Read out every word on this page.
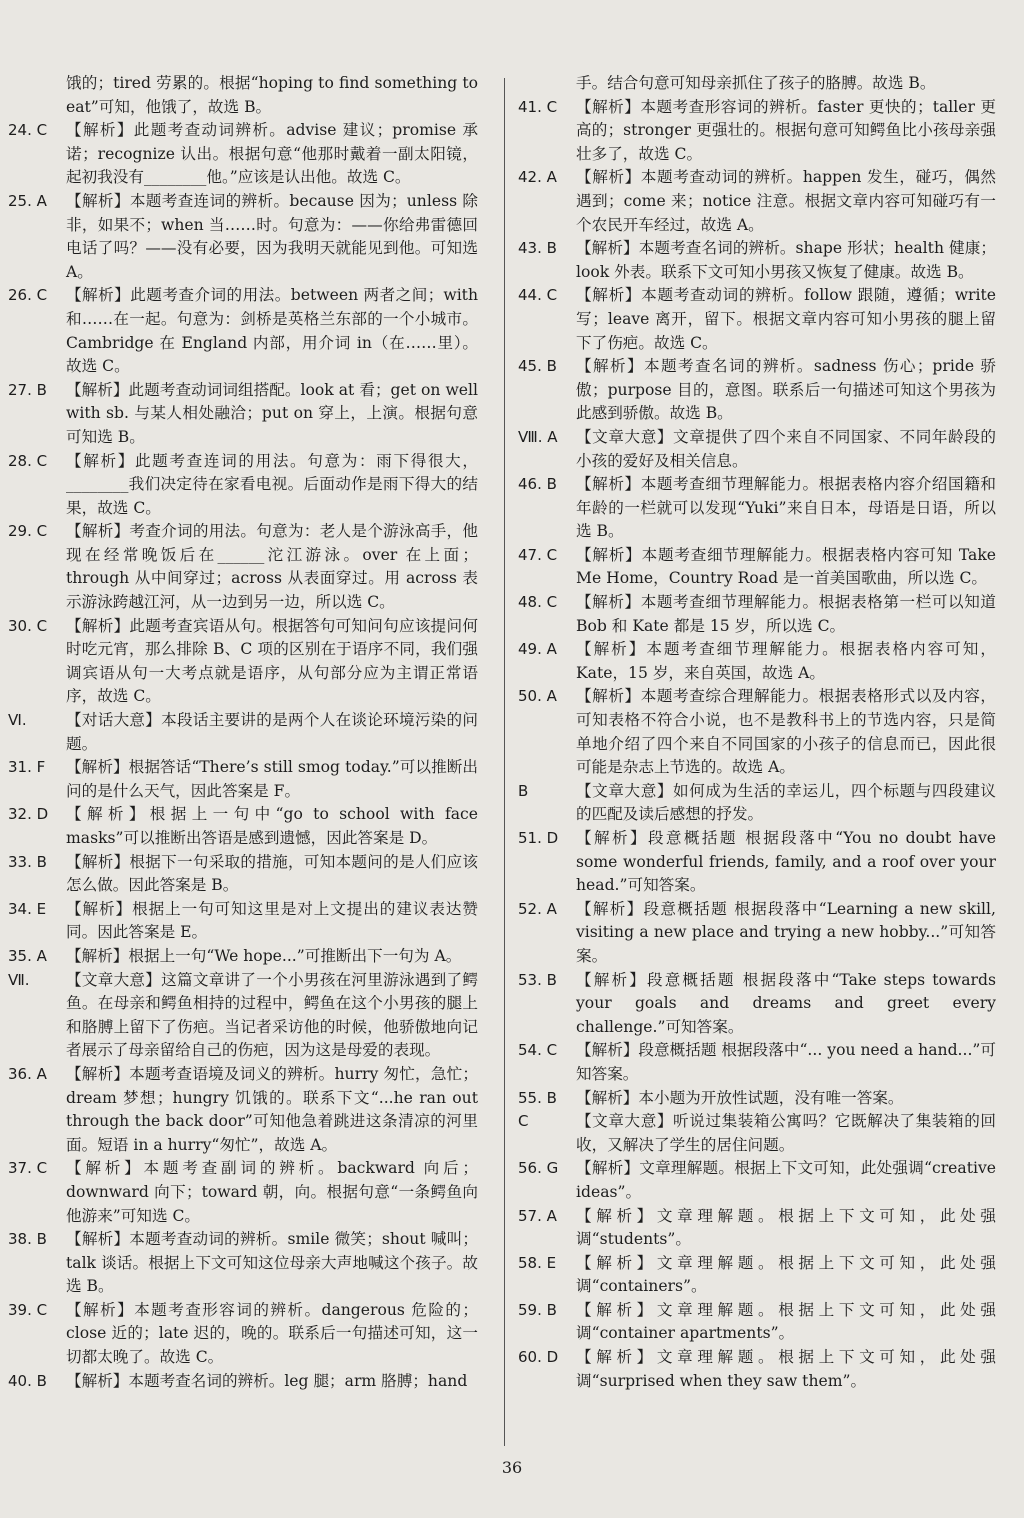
饿的；tired 劳累的。根据“hoping to find something to eat”可知，他饿了，故选 B。
24. C	【解析】此题考查动词辨析。advise 建议；promise 承诺；recognize 认出。根据句意“他那时戴着一副太阳镜，起初我没有________他。”应该是认出他。故选 C。
25. A	【解析】本题考查连词的辨析。because 因为；unless 除非，如果不；when 当……时。句意为：——你给弗雷德回电话了吗？——没有必要，因为我明天就能见到他。可知选 A。
26. C	【解析】此题考查介词的用法。between 两者之间；with 和……在一起。句意为：剑桥是英格兰东部的一个小城市。Cambridge 在 England 内部，用介词 in（在……里）。故选 C。
27. B	【解析】此题考查动词词组搭配。look at 看；get on well with sb. 与某人相处融洽；put on 穿上，上演。根据句意可知选 B。
28. C	【解析】此题考查连词的用法。句意为：雨下得很大，________我们决定待在家看电视。后面动作是雨下得大的结果，故选 C。
29. C	【解析】考查介词的用法。句意为：老人是个游泳高手，他现在经常晚饭后在______沱江游泳。over 在上面；through 从中间穿过；across 从表面穿过。用 across 表示游泳跨越江河，从一边到另一边，所以选 C。
30. C	【解析】此题考查宾语从句。根据答句可知问句应该提问何时吃元宵，那么排除 B、C 项的区别在于语序不同，我们强调宾语从句一大考点就是语序，从句部分应为主谓正常语序，故选 C。
Ⅵ.	【对话大意】本段话主要讲的是两个人在谈论环境污染的问题。
31. F	【解析】根据答话“There’s still smog today.”可以推断出问的是什么天气，因此答案是 F。
32. D	【解析】根据上一句中“go to school with face masks”可以推断出答语是感到遗憾，因此答案是 D。
33. B	【解析】根据下一句采取的措施，可知本题问的是人们应该怎么做。因此答案是 B。
34. E	【解析】根据上一句可知这里是对上文提出的建议表达赞同。因此答案是 E。
35. A	【解析】根据上一句“We hope...”可推断出下一句为 A。
Ⅶ.	【文章大意】这篇文章讲了一个小男孩在河里游泳遇到了鳄鱼。在母亲和鳄鱼相持的过程中，鳄鱼在这个小男孩的腿上和胳膊上留下了伤疤。当记者采访他的时候，他骄傲地向记者展示了母亲留给自己的伤疤，因为这是母爱的表现。
36. A	【解析】本题考查语境及词义的辨析。hurry 匆忙，急忙；dream 梦想；hungry 饥饿的。联系下文“...he ran out through the back door”可知他急着跳进这条清凉的河里面。短语 in a hurry“匆忙”，故选 A。
37. C	【解析】本题考查副词的辨析。backward 向后；downward 向下；toward 朝，向。根据句意“一条鳄鱼向他游来”可知选 C。
38. B	【解析】本题考查动词的辨析。smile 微笑；shout 喊叫；talk 谈话。根据上下文可知这位母亲大声地喊这个孩子。故选 B。
39. C	【解析】本题考查形容词的辨析。dangerous 危险的；close 近的；late 迟的，晚的。联系后一句描述可知，这一切都太晚了。故选 C。
40. B	【解析】本题考查名词的辨析。leg 腿；arm 胳膊；hand
手。结合句意可知母亲抓住了孩子的胳膊。故选 B。
41. C	【解析】本题考查形容词的辨析。faster 更快的；taller 更高的；stronger 更强壮的。根据句意可知鳄鱼比小孩母亲强壮多了，故选 C。
42. A	【解析】本题考查动词的辨析。happen 发生，碰巧，偶然遇到；come 来；notice 注意。根据文章内容可知碰巧有一个农民开车经过，故选 A。
43. B	【解析】本题考查名词的辨析。shape 形状；health 健康；look 外表。联系下文可知小男孩又恢复了健康。故选 B。
44. C	【解析】本题考查动词的辨析。follow 跟随，遵循；write 写；leave 离开，留下。根据文章内容可知小男孩的腿上留下了伤疤。故选 C。
45. B	【解析】本题考查名词的辨析。sadness 伤心；pride 骄傲；purpose 目的，意图。联系后一句描述可知这个男孩为此感到骄傲。故选 B。
Ⅷ. A	【文章大意】文章提供了四个来自不同国家、不同年龄段的小孩的爱好及相关信息。
46. B	【解析】本题考查细节理解能力。根据表格内容介绍国籍和年龄的一栏就可以发现“Yuki”来自日本，母语是日语，所以选 B。
47. C	【解析】本题考查细节理解能力。根据表格内容可知 Take Me Home，Country Road 是一首美国歌曲，所以选 C。
48. C	【解析】本题考查细节理解能力。根据表格第一栏可以知道 Bob 和 Kate 都是 15 岁，所以选 C。
49. A	【解析】本题考查细节理解能力。根据表格内容可知，Kate，15 岁，来自英国，故选 A。
50. A	【解析】本题考查综合理解能力。根据表格形式以及内容，可知表格不符合小说，也不是教科书上的节选内容，只是简单地介绍了四个来自不同国家的小孩子的信息而已，因此很可能是杂志上节选的。故选 A。
B	【文章大意】如何成为生活的幸运儿，四个标题与四段建议的匹配及读后感想的抒发。
51. D	【解析】段意概括题 根据段落中“You no doubt have some wonderful friends, family, and a roof over your head.”可知答案。
52. A	【解析】段意概括题 根据段落中“Learning a new skill, visiting a new place and trying a new hobby...”可知答案。
53. B	【解析】段意概括题 根据段落中“Take steps towards your goals and dreams and greet every challenge.”可知答案。
54. C	【解析】段意概括题 根据段落中“... you need a hand...”可知答案。
55. B	【解析】本小题为开放性试题，没有唯一答案。
C	【文章大意】听说过集装箱公寓吗？它既解决了集装箱的回收，又解决了学生的居住问题。
56. G	【解析】文章理解题。根据上下文可知，此处强调“creative ideas”。
57. A	【解析】文章理解题。根据上下文可知，此处强调“students”。
58. E	【解析】文章理解题。根据上下文可知，此处强调“containers”。
59. B	【解析】文章理解题。根据上下文可知，此处强调“container apartments”。
60. D	【解析】文章理解题。根据上下文可知，此处强调“surprised when they saw them”。
36
